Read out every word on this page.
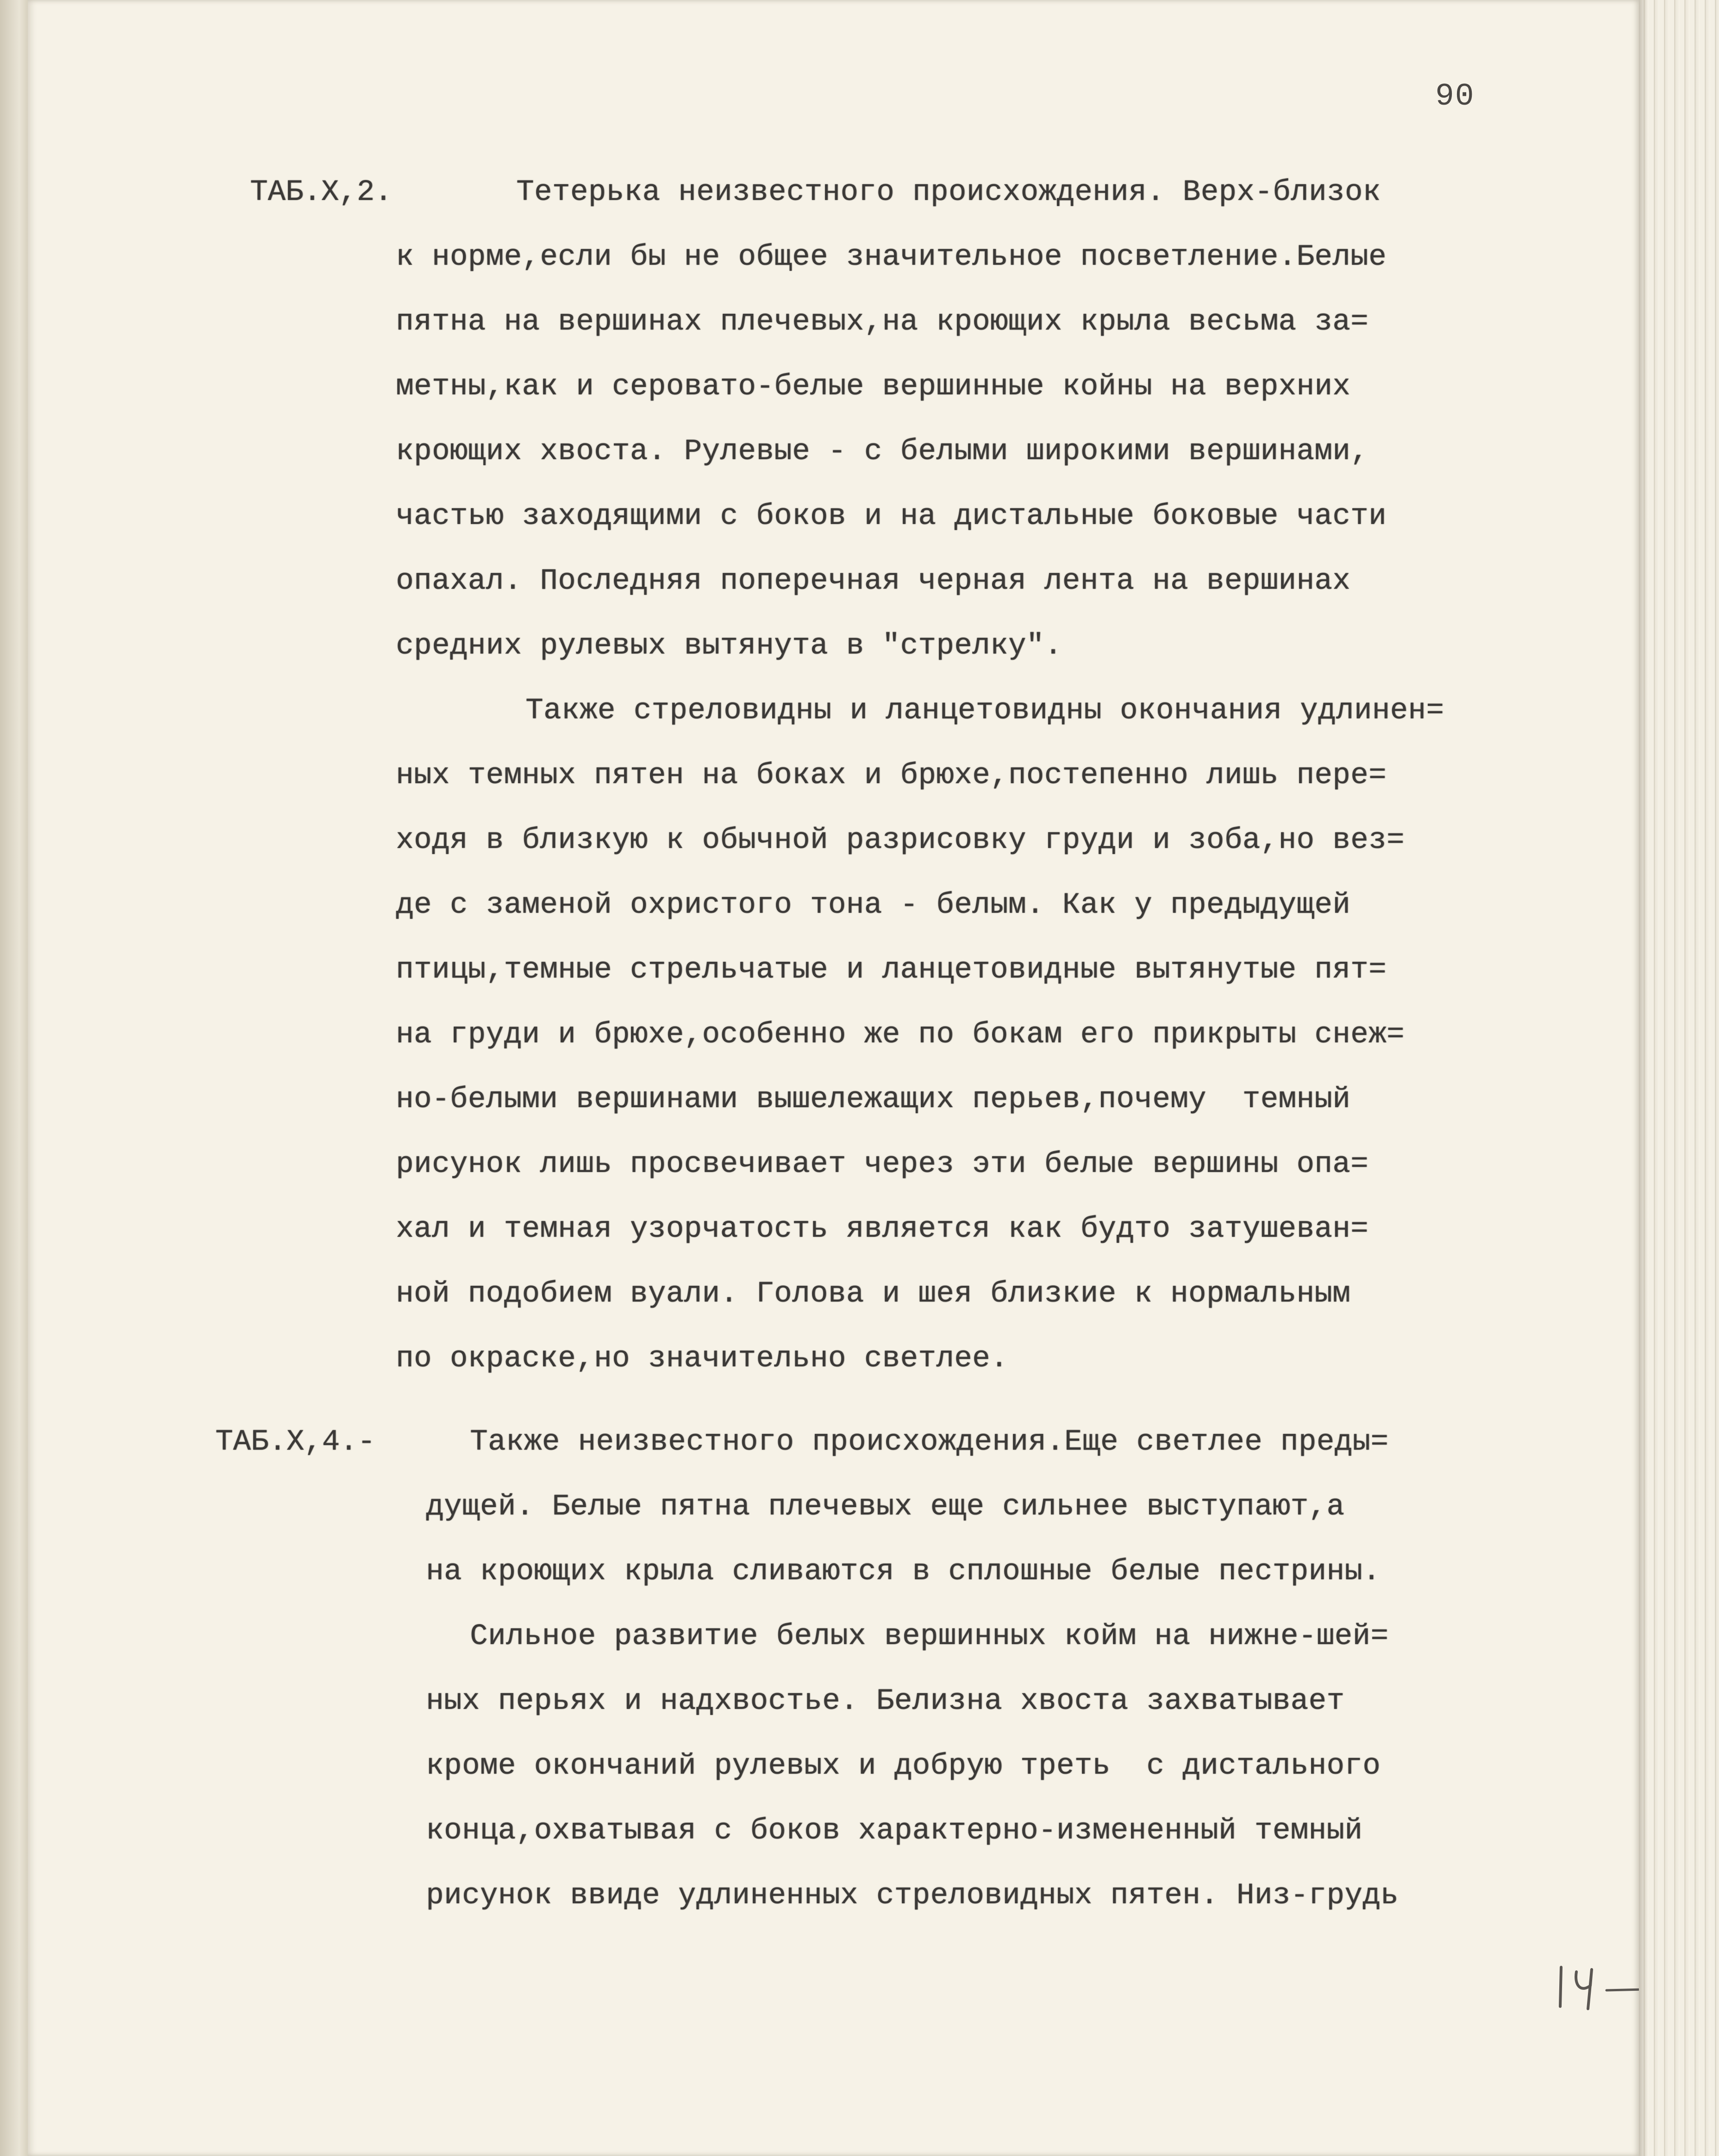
90
ТАБ.Х,2.	Тетерька неизвестного происхождения. Верх-близок
к норме,если бы не общее значительное посветление.Белые
пятна на вершинах плечевых,на кроющих крыла весьма за=
метны,как и сероватo-белые вершинные койны на верхних
кроющих хвоста. Рулевые - с белыми широкими вершинами,
частью заходящими с боков и на дистальные боковые части
опахал. Последняя поперечная черная лента на вершинах
средних рулевых вытянута в "стрелку".
Также стреловидны и ланцетовидны окончания удлинен=
ных темных пятен на боках и брюхе,постепенно лишь пере=
ходя в близкую к обычной разрисовку груди и зоба,но вез=
де с заменой охристого тона - белым. Как у предыдущей
птицы,темные стрельчатые и ланцетовидные вытянутые пят=
на груди и брюхе,особенно же по бокам его прикрыты снеж=
но-белыми вершинами вышележащих перьев,почему  темный
рисунок лишь просвечивает через эти белые вершины опа=
хал и темная узорчатость является как будто затушеван=
ной подобием вуали. Голова и шея близкие к нормальным
по окраске,но значительно светлее.
ТАБ.Х,4.-	Также неизвестного происхождения.Еще светлее преды=
дущей. Белые пятна плечевых еще сильнее выступают,а
на кроющих крыла сливаются в сплошные белые пестрины.
Сильное развитие белых вершинных койм на нижне-шей=
ных перьях и надхвостье. Белизна хвоста захватывает
кроме окончаний рулевых и добрую треть  с дистального
конца,охватывая с боков характерно-измененный темный
рисунок ввиде удлиненных стреловидных пятен. Низ-грудь
